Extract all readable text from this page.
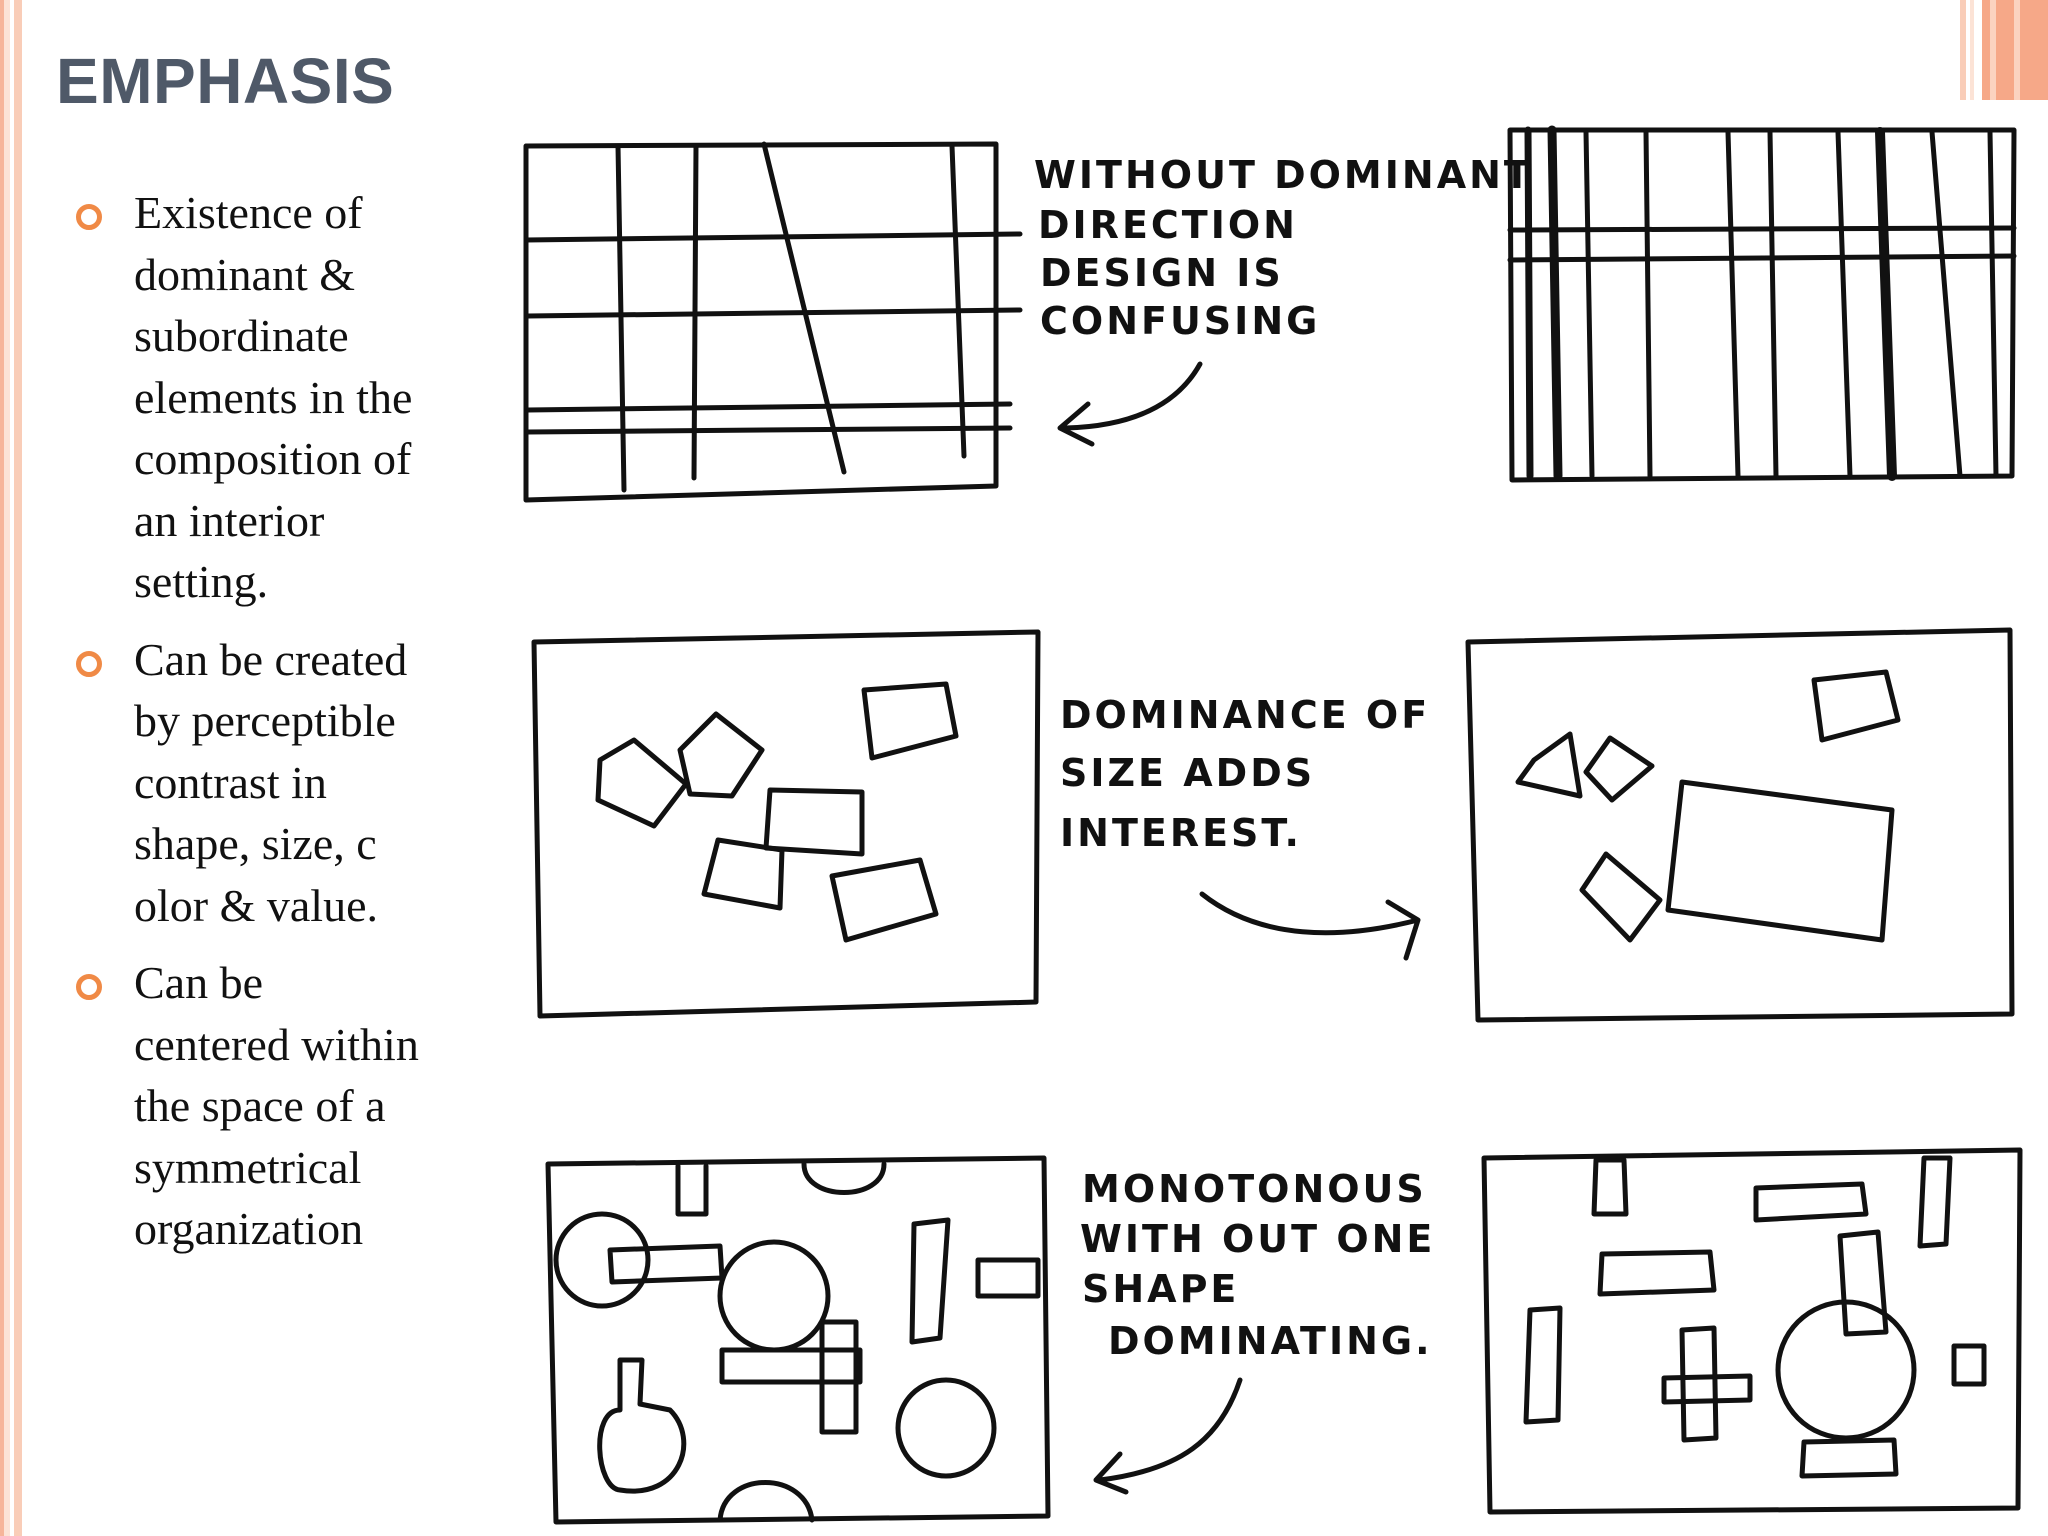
EMPHASIS
Existence of dominant & subordinate elements in the composition of an interior setting.
Can be created by perceptible contrast in shape, size, c olor & value.
Can be centered within the space of a symmetrical organization
WITHOUT DOMINANT
DIRECTION
DESIGN IS
CONFUSING
DOMINANCE OF
SIZE ADDS
INTEREST.
MONOTONOUS
WITH OUT ONE
SHAPE
DOMINATING.
